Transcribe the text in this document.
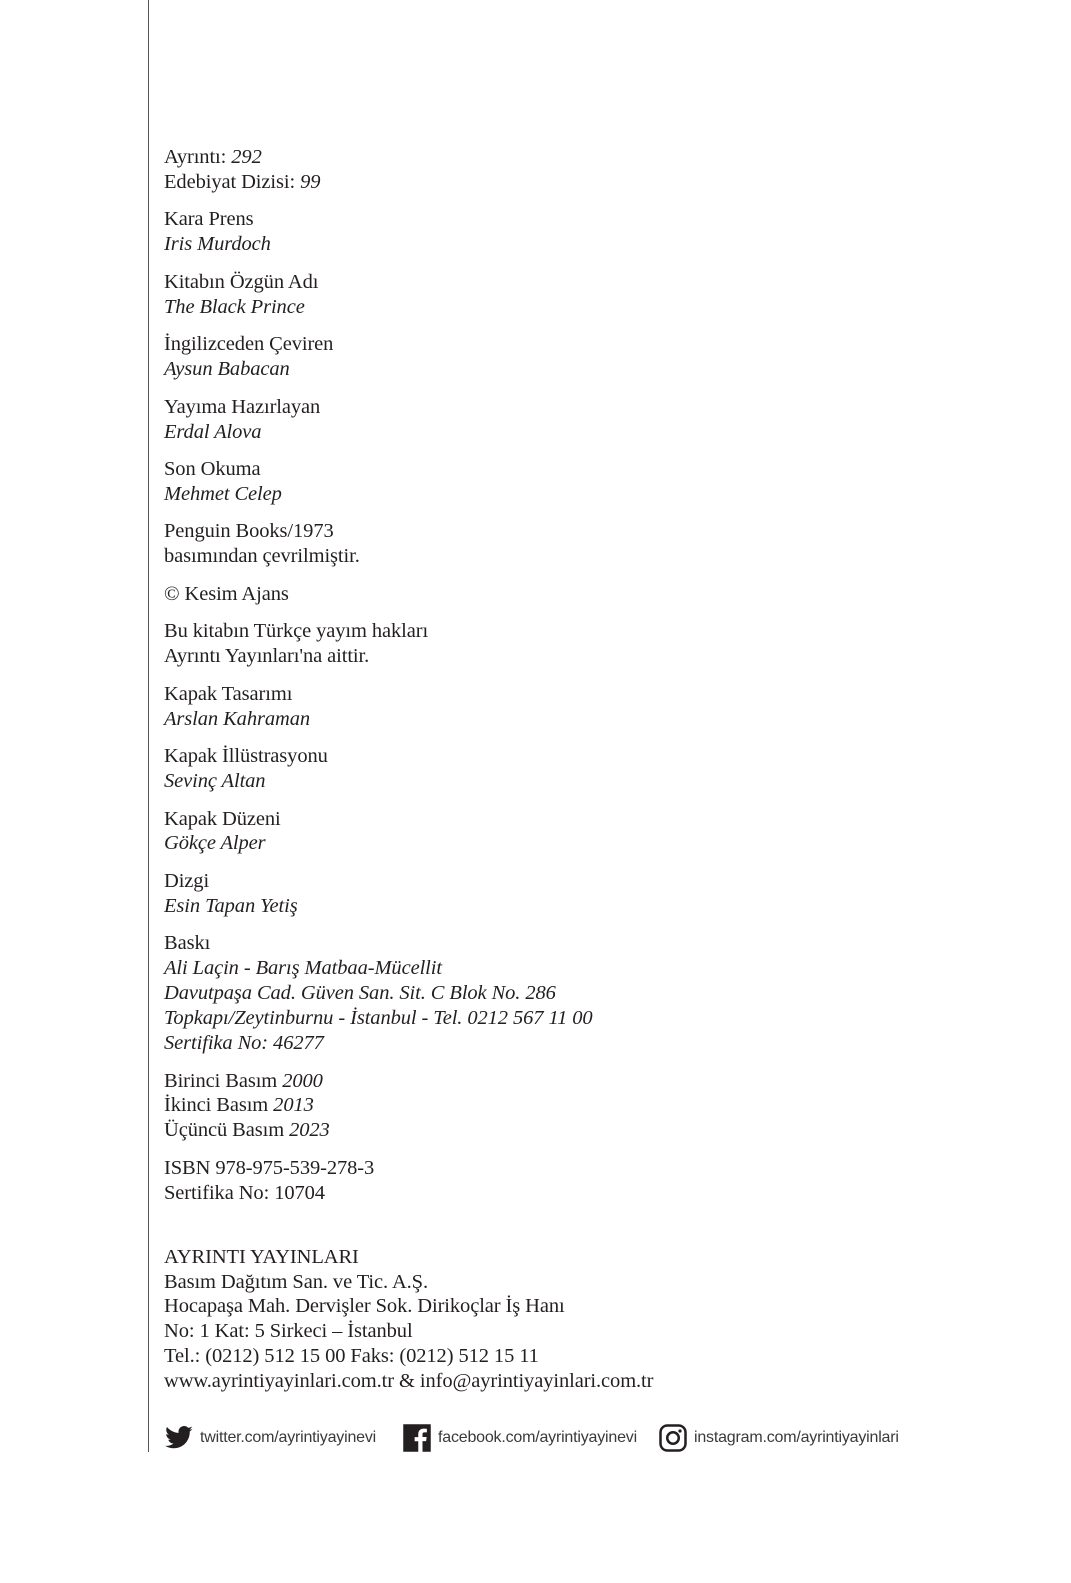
Ayrıntı: 292
Edebiyat Dizisi: 99
Kara Prens
Iris Murdoch
Kitabın Özgün Adı
The Black Prince
İngilizceden Çeviren
Aysun Babacan
Yayıma Hazırlayan
Erdal Alova
Son Okuma
Mehmet Celep
Penguin Books/1973
basımından çevrilmiştir.
© Kesim Ajans
Bu kitabın Türkçe yayım hakları
Ayrıntı Yayınları'na aittir.
Kapak Tasarımı
Arslan Kahraman
Kapak İllüstrasyonu
Sevinç Altan
Kapak Düzeni
Gökçe Alper
Dizgi
Esin Tapan Yetiş
Baskı
Ali Laçin - Barış Matbaa-Mücellit
Davutpaşa Cad. Güven San. Sit. C Blok No. 286
Topkapı/Zeytinburnu - İstanbul - Tel. 0212 567 11 00
Sertifika No: 46277
Birinci Basım 2000
İkinci Basım 2013
Üçüncü Basım 2023
ISBN 978-975-539-278-3
Sertifika No: 10704
AYRINTI YAYINLARI
Basım Dağıtım San. ve Tic. A.Ş.
Hocapaşa Mah. Dervişler Sok. Dirikoçlar İş Hanı
No: 1 Kat: 5 Sirkeci – İstanbul
Tel.: (0212) 512 15 00 Faks: (0212) 512 15 11
www.ayrintiyayinlari.com.tr & info@ayrintiyayinlari.com.tr
twitter.com/ayrintiyayinevi	facebook.com/ayrintiyayinevi	instagram.com/ayrintiyayinlari
